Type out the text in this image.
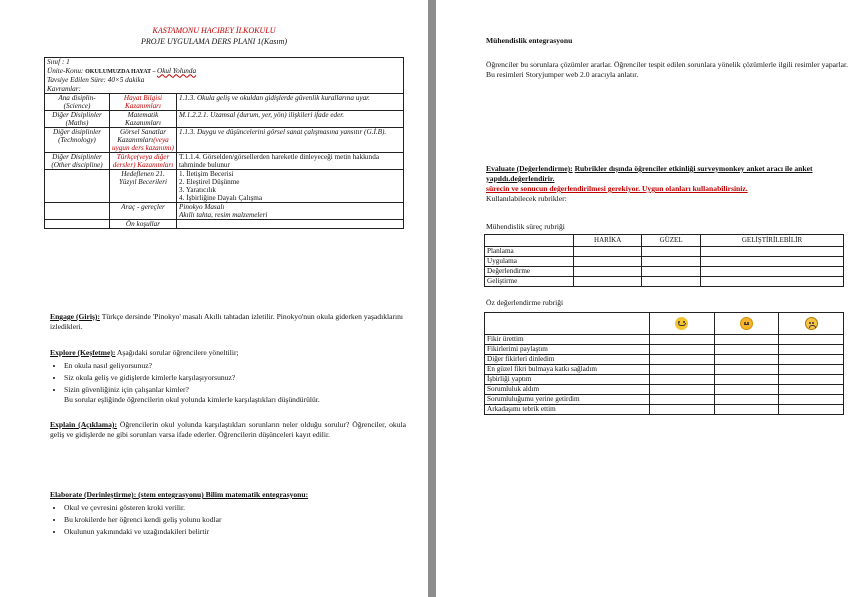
KASTAMONU HACIBEY İLKOKULU
PROJE UYGULAMA DERS PLANI 1(Kasım)
Sınıf : 1
Ünite-Konu: OKULUMUZDA HAYAT – Okul Yolunda
Tavsiye Edilen Süre: 40×5 dakika
Kavramlar:		

Ana disiplin-(Science)	Hayat Bilgisi Kazanımları	1.1.3. Okula geliş ve okuldan gidişlerde güvenlik kurallarına uyar.
Diğer Disiplinler (Maths)	Matematik Kazanımları	M.1.2.2.1. Uzamsal (durum, yer, yön) ilişkileri ifade eder.
Diğer disiplinler (Technology)	Görsel Sanatlar Kazanımları(veya uygun ders kazanımı)	1.1.3. Duygu ve düşüncelerini görsel sanat çalışmasına yansıtır (G.İ.B).
Diğer Disiplinler (Other discipline)	Türkçe(veya diğer dersler) Kazanımları	T.1.1.4. Görselden/görsellerden hareketle dinleyeceği metin hakkında tahminde bulunur
	Hedeflenen 21. Yüzyıl Becerileri	1. İletişim Becerisi
2. Eleştirel Düşünme
3. Yaratıcılık
4. İşbirliğine Dayalı Çalışma

	Araç - gereçler	Pinokyo Masalı
Akıllı tahta, resim malzemeleri

	Ön koşullar	
Engage (Giriş): Türkçe dersinde 'Pinokyo' masalı Akıllı tahtadan izletilir. Pinokyo'nun okula giderken yaşadıklarını izledikleri.
Explore (Keşfetme): Aşağıdaki sorular öğrencilere yöneltilir;
• En okula nasıl geliyorsunuz?
• Siz okula geliş ve gidişlerde kimlerle karşılaşıyorsunuz?
• Sizin güvenliğiniz için çalışanlar kimler?
Bu sorular eşliğinde öğrencilerin okul yolunda kimlerle karşılaştıkları düşündürülür.
Explain (Açıklama): Öğrencilerin okul yolunda karşılaştıkları sorunların neler olduğu sorulur? Öğrenciler, okula geliş ve gidişlerde ne gibi sorunları varsa ifade ederler. Öğrencilerin düşünceleri kayıt edilir.
Elaborate (Derinleştirme): (stem entegrasyonu) Bilim matematik entegrasyonu:
• Okul ve çevresini gösteren kroki verilir.
• Bu krokilerde her öğrenci kendi geliş yolunu kodlar
• Okulunun yakınındaki ve uzağındakileri belirtir
Mühendislik entegrasyonu
Öğrenciler bu sorunlara çözümler ararlar. Öğrenciler tespit edilen sorunlara yönelik çözümlerle ilgili resimler yaparlar. Bu resimleri Storyjumper web 2.0 aracıyla anlatır.
Evaluate (Değerlendirme): Rubrikler dışında öğrenciler etkinliği surveymonkey anket aracı ile anket yapıldı.değerlendirir.
sürecin ve sonucun değerlendirilmesi gerekiyor. Uygun olanları kullanabilirsiniz.
Kullanılabilecek rubrikler:
Mühendislik süreç rubriği
	HARİKA	GÜZEL	GELİŞTİRİLEBİLİR
Planlama			
Uygulama			
Değerlendirme			
Geliştirme			
Öz değerlendirme rubriği

Fikir ürettim			
Fikirlerimi paylaştım			
Diğer fikirleri dinledim			
En güzel fikri bulmaya katkı sağladım			
İşbirliği yaptım			
Sorumluluk aldım			
Sorumluluğumu yerine getirdim			
Arkadaşımı tebrik ettim			
